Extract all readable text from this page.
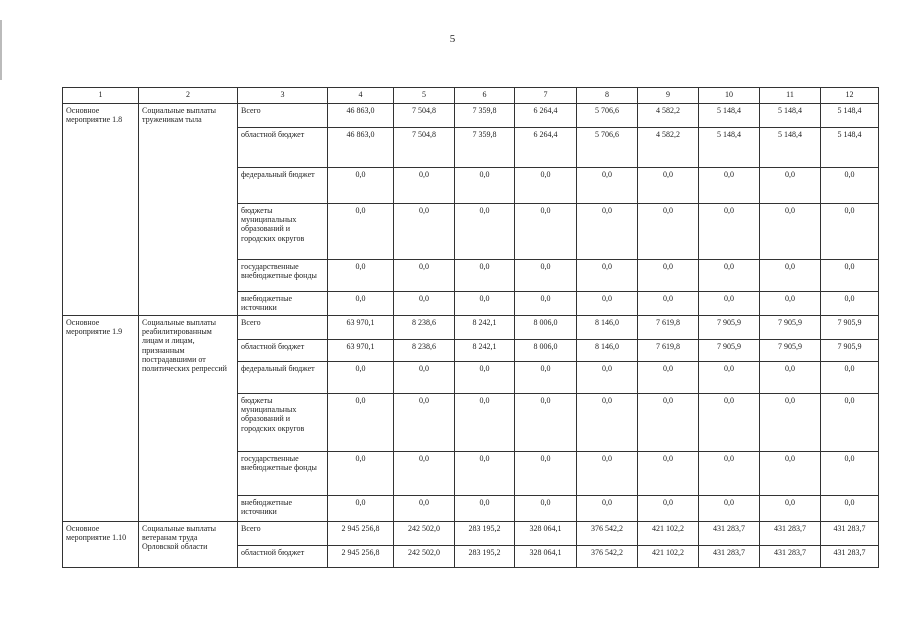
5
1	2	3	4	5	6	7	8	9	10	11	12
Основное мероприятие 1.8	Социальные выплаты труженикам тыла	Всего	46 863,0	7 504,8	7 359,8	6 264,4	5 706,6	4 582,2	5 148,4	5 148,4	5 148,4
		областной бюджет	46 863,0	7 504,8	7 359,8	6 264,4	5 706,6	4 582,2	5 148,4	5 148,4	5 148,4
		федеральный бюджет	0,0	0,0	0,0	0,0	0,0	0,0	0,0	0,0	0,0
		бюджеты муниципальных образований и городских округов	0,0	0,0	0,0	0,0	0,0	0,0	0,0	0,0	0,0
		государственные внебюджетные фонды	0,0	0,0	0,0	0,0	0,0	0,0	0,0	0,0	0,0
		внебюджетные источники	0,0	0,0	0,0	0,0	0,0	0,0	0,0	0,0	0,0
Основное мероприятие 1.9	Социальные выплаты реабилитированным лицам и лицам, признанным пострадавшими от политических репрессий	Всего	63 970,1	8 238,6	8 242,1	8 006,0	8 146,0	7 619,8	7 905,9	7 905,9	7 905,9
		областной бюджет	63 970,1	8 238,6	8 242,1	8 006,0	8 146,0	7 619,8	7 905,9	7 905,9	7 905,9
		федеральный бюджет	0,0	0,0	0,0	0,0	0,0	0,0	0,0	0,0	0,0
		бюджеты муниципальных образований и городских округов	0,0	0,0	0,0	0,0	0,0	0,0	0,0	0,0	0,0
		государственные внебюджетные фонды	0,0	0,0	0,0	0,0	0,0	0,0	0,0	0,0	0,0
		внебюджетные источники	0,0	0,0	0,0	0,0	0,0	0,0	0,0	0,0	0,0
Основное мероприятие 1.10	Социальные выплаты ветеранам труда Орловской области	Всего	2 945 256,8	242 502,0	283 195,2	328 064,1	376 542,2	421 102,2	431 283,7	431 283,7	431 283,7
		областной бюджет	2 945 256,8	242 502,0	283 195,2	328 064,1	376 542,2	421 102,2	431 283,7	431 283,7	431 283,7
